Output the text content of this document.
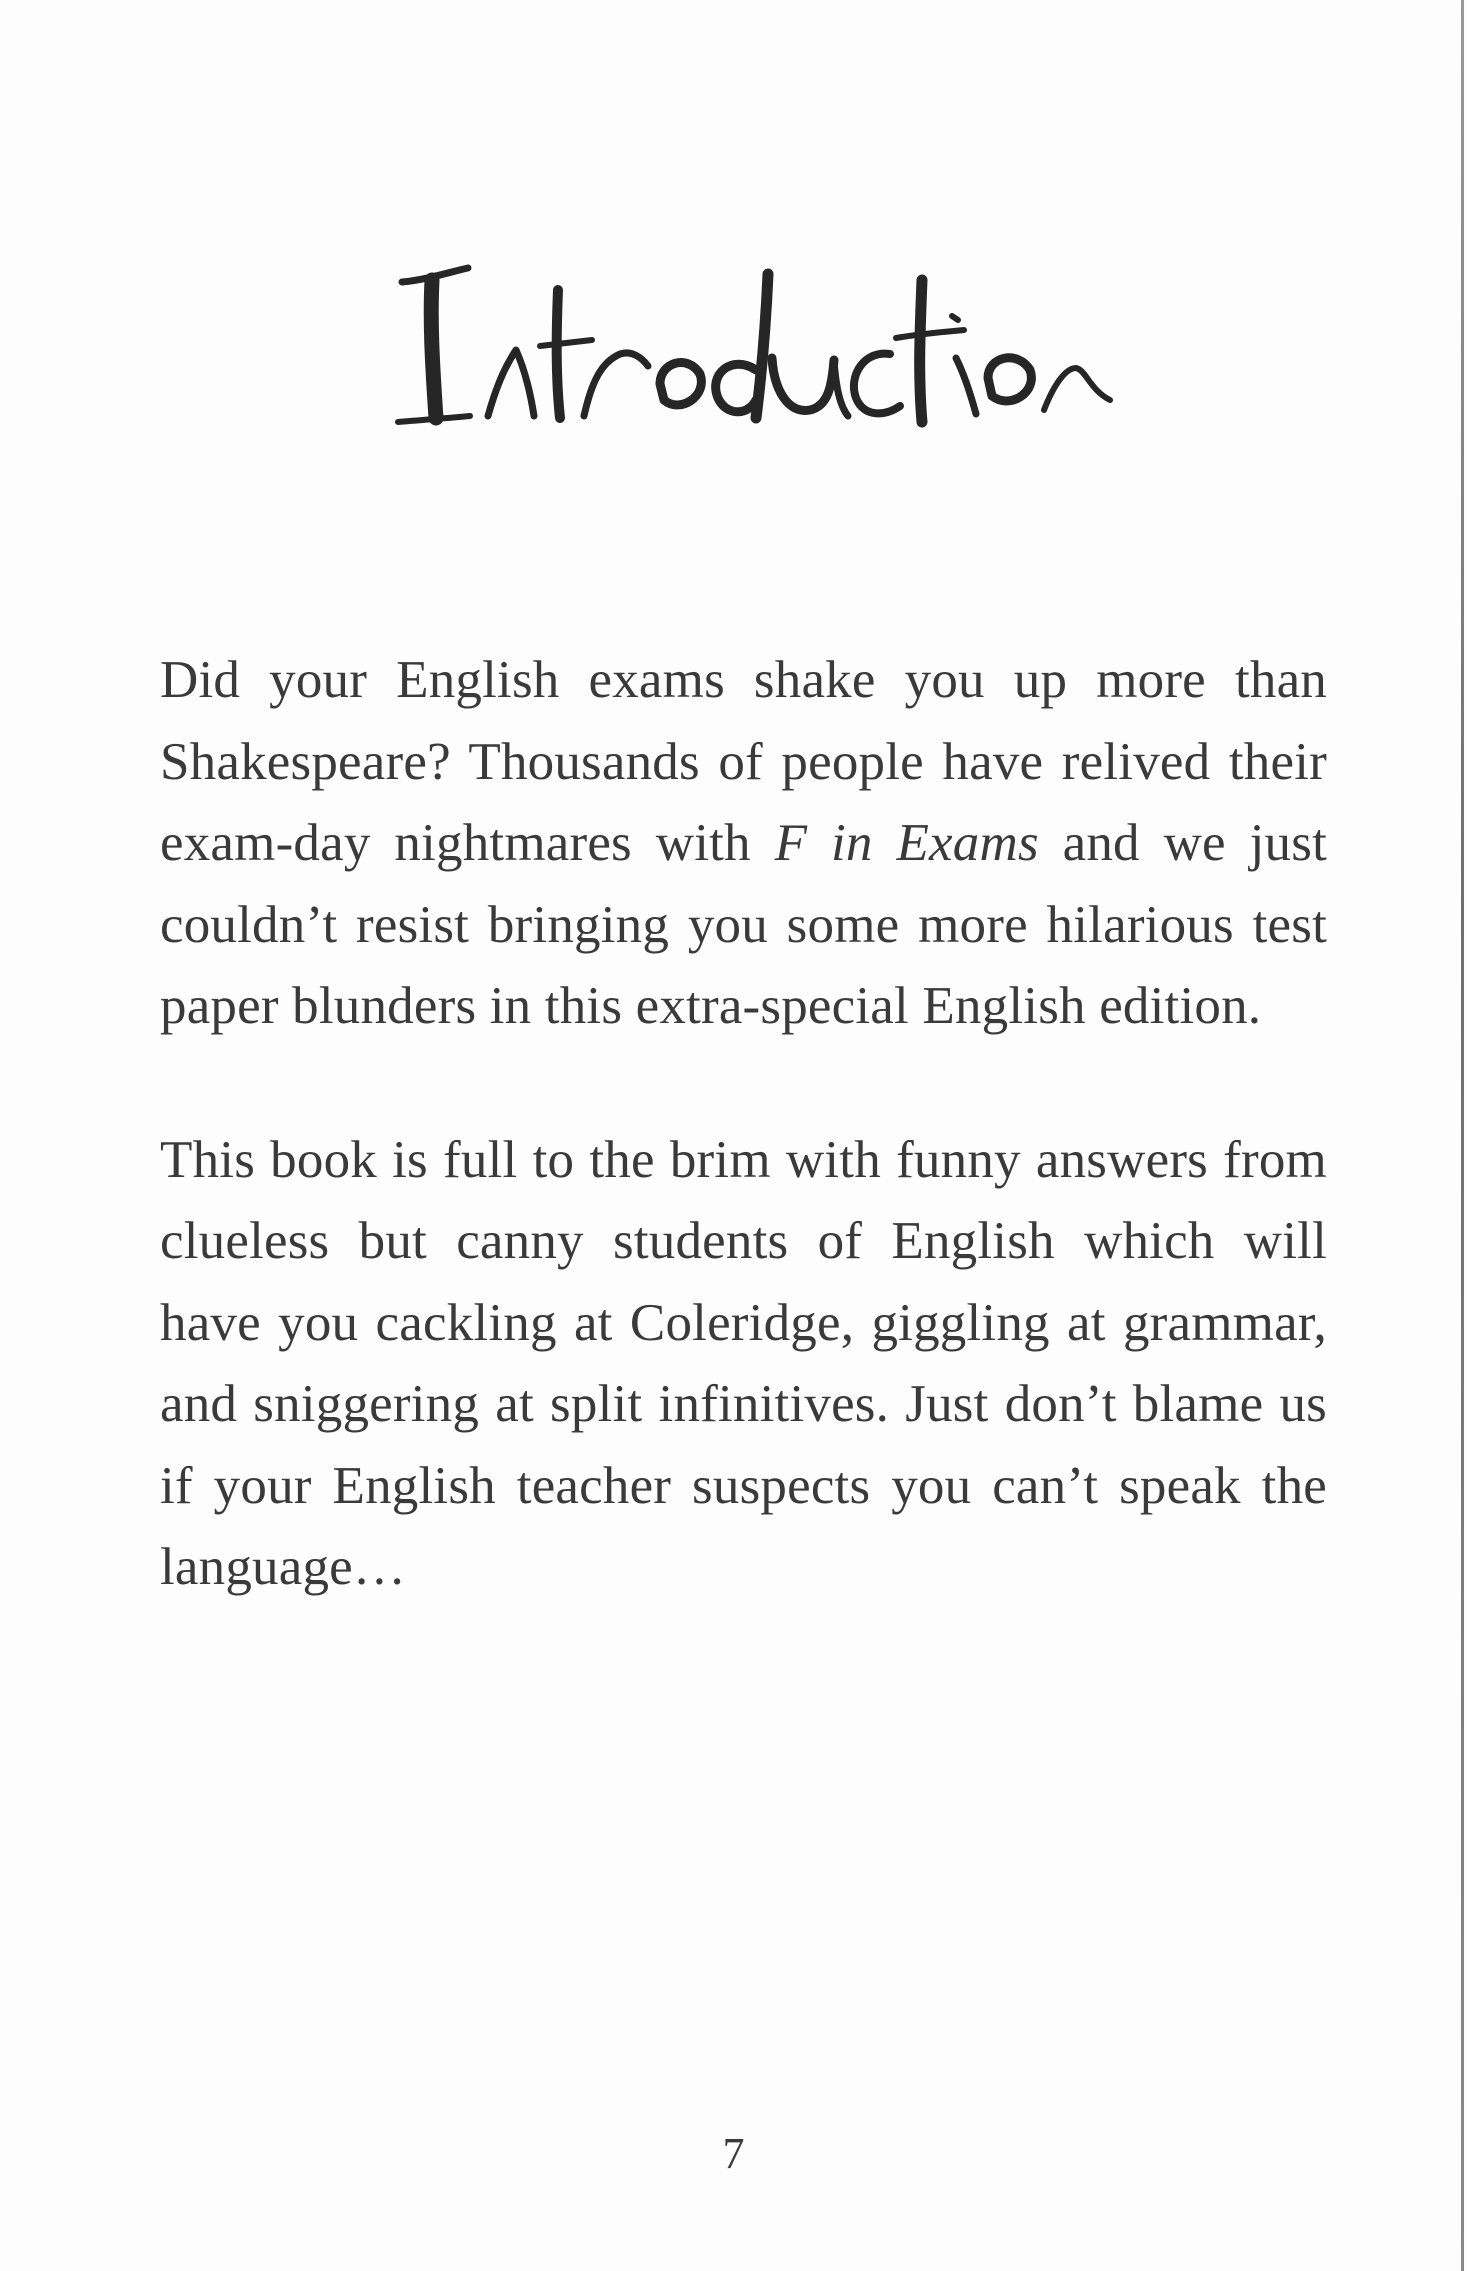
Did your English exams shake you up more than Shakespeare? Thousands of people have relived their exam-day nightmares with F in Exams and we just couldn’t resist bringing you some more hilarious test paper blunders in this extra-special English edition.

This book is full to the brim with funny answers from clueless but canny students of English which will have you cackling at Coleridge, giggling at grammar, and sniggering at split infinitives. Just don’t blame us if your English teacher suspects you can’t speak the language…

7
